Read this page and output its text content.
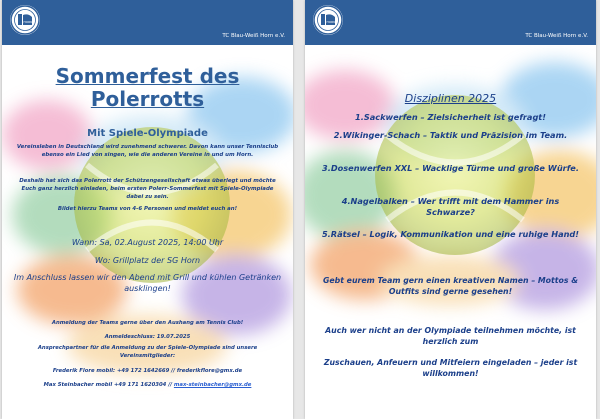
HORN
TC Blau-Weiß Horn e.V.
Sommerfest des
Polerrotts
Mit Spiele-Olympiade
Vereinsleben in Deutschland wird zunehmend schwerer. Davon kann unser Tennisclub ebenso ein Lied von singen, wie die anderen Vereine in und um Horn.
Deshalb hat sich das Polerrott der Schützengesellschaft etwas überlegt und möchte Euch ganz herzlich einladen, beim ersten Polerr-Sommerfest mit Spiele-Olympiade dabei zu sein.
Bildet hierzu Teams von 4-6 Personen und meldet euch an!
Wann: Sa, 02.August 2025, 14:00 Uhr
Wo: Grillplatz der SG Horn
Im Anschluss lassen wir den Abend mit Grill und kühlen Getränken ausklingen!
Anmeldung der Teams gerne über den Aushang am Tennis Club!
Anmeldeschluss: 19.07.2025
Ansprechpartner für die Anmeldung zu der Spiele-Olympiade sind unsere Vereinsmitglieder:
Frederik Flore mobil: +49 172 1642669 // frederikflore@gmx.de
Max Steinbacher mobil +49 171 1620304 // max-steinbacher@gmx.de
HORN
TC Blau-Weiß Horn e.V.
Disziplinen 2025
1.Sackwerfen – Zielsicherheit ist gefragt!
2.Wikinger-Schach – Taktik und Präzision im Team.
3.Dosenwerfen XXL – Wacklige Türme und große Würfe.
4.Nagelbalken – Wer trifft mit dem Hammer ins Schwarze?
5.Rätsel – Logik, Kommunikation und eine ruhige Hand!
Gebt eurem Team gern einen kreativen Namen – Mottos & Outfits sind gerne gesehen!
Auch wer nicht an der Olympiade teilnehmen möchte, ist herzlich zum
Zuschauen, Anfeuern und Mitfeiern eingeladen – jeder ist willkommen!
